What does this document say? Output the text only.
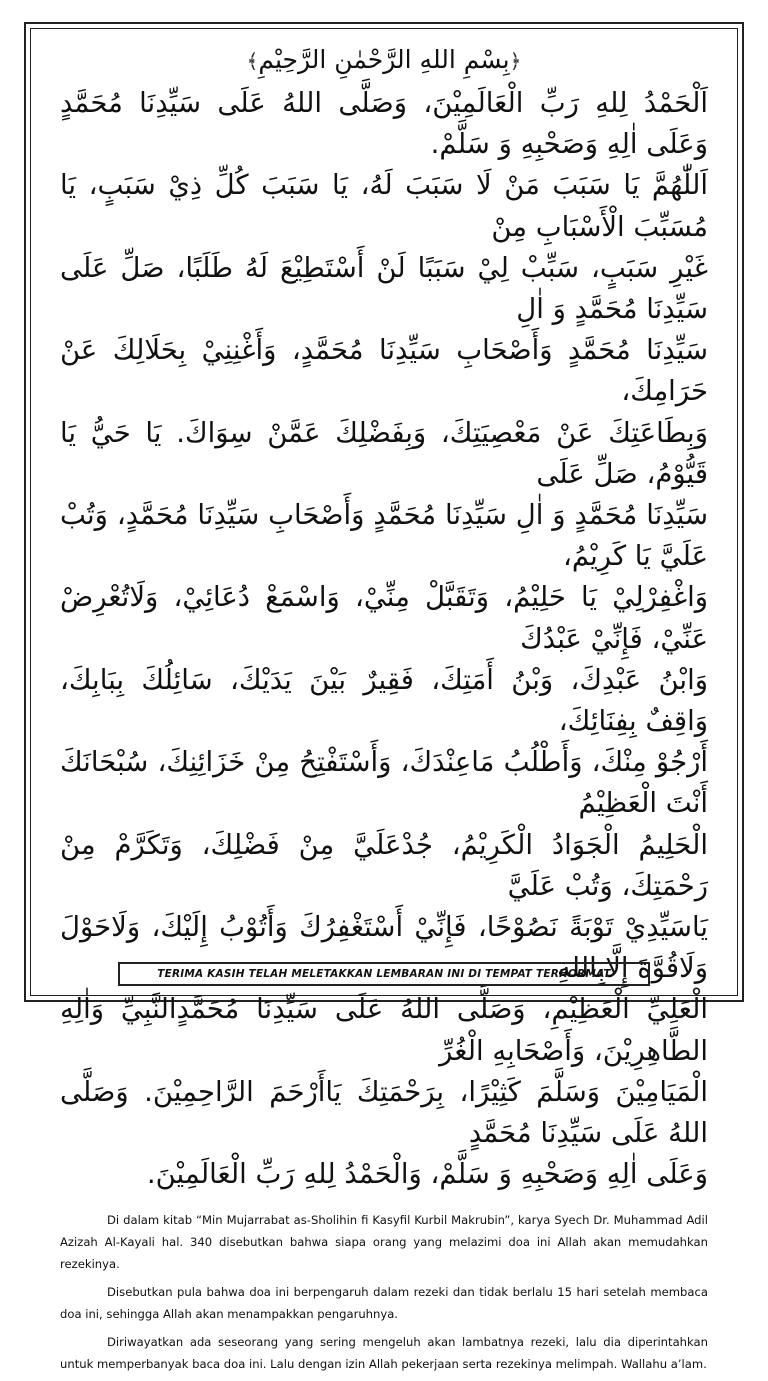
﴿بِسْمِ اللهِ الرَّحْمٰنِ الرَّحِيْمِ﴾
اَلْحَمْدُ لِلهِ رَبِّ الْعَالَمِيْنَ، وَصَلَّى اللهُ عَلَى سَيِّدِنَا مُحَمَّدٍ وَعَلَى اٰلِهِ وَصَحْبِهِ وَ سَلَّمْ.
اَللّٰهُمَّ يَا سَبَبَ مَنْ لَا سَبَبَ لَهُ، يَا سَبَبَ كُلِّ ذِيْ سَبَبٍ، يَا مُسَبِّبَ الْأَسْبَابِ مِنْ
غَيْرِ سَبَبٍ، سَبِّبْ لِيْ سَبَبًا لَنْ أَسْتَطِيْعَ لَهُ طَلَبًا، صَلِّ عَلَى سَيِّدِنَا مُحَمَّدٍ وَ اٰلِ
سَيِّدِنَا مُحَمَّدٍ وَأَصْحَابِ سَيِّدِنَا مُحَمَّدٍ، وَأَغْنِنِيْ بِحَلَالِكَ عَنْ حَرَامِكَ،
وَبِطَاعَتِكَ عَنْ مَعْصِيَتِكَ، وَبِفَضْلِكَ عَمَّنْ سِوَاكَ. يَا حَيُّ يَا قَيُّوْمُ، صَلِّ عَلَى
سَيِّدِنَا مُحَمَّدٍ وَ اٰلِ سَيِّدِنَا مُحَمَّدٍ وَأَصْحَابِ سَيِّدِنَا مُحَمَّدٍ، وَتُبْ عَلَيَّ يَا كَرِيْمُ،
وَاغْفِرْلِيْ يَا حَلِيْمُ، وَتَقَبَّلْ مِنِّيْ، وَاسْمَعْ دُعَائِيْ، وَلَاتُعْرِضْ عَنِّيْ، فَإِنِّيْ عَبْدُكَ
وَابْنُ عَبْدِكَ، وَبْنُ أَمَتِكَ، فَقِيرٌ بَيْنَ يَدَيْكَ، سَائِلُكَ بِبَابِكَ، وَاقِفٌ بِفِنَائِكَ،
أَرْجُوْ مِنْكَ، وَأَطْلُبُ مَاعِنْدَكَ، وَأَسْتَفْتِحُ مِنْ خَزَائِنِكَ، سُبْحَانَكَ أَنْتَ الْعَظِيْمُ
الْحَلِيمُ الْجَوَادُ الْكَرِيْمُ، جُدْعَلَيَّ مِنْ فَضْلِكَ، وَتَكَرَّمْ مِنْ رَحْمَتِكَ، وَتُبْ عَلَيَّ
يَاسَيِّدِيْ تَوْبَةً نَصُوْحًا، فَإِنِّيْ أَسْتَغْفِرُكَ وَأَتُوْبُ إِلَيْكَ، وَلَاحَوْلَ وَلَاقُوَّةَ إِلَّابِاللهِ
الْعَلِيِّ الْعَظِيْمِ، وَصَلَّى اللهُ عَلَى سَيِّدِنَا مُحَمَّدٍالنَّبِيِّ وَاٰلِهِ الطَّاهِرِيْنَ، وَأَصْحَابِهِ الْغُرِّ
الْمَيَامِيْنَ وَسَلَّمَ كَثِيْرًا، بِرَحْمَتِكَ يَاأَرْحَمَ الرَّاحِمِيْنَ. وَصَلَّى اللهُ عَلَى سَيِّدِنَا مُحَمَّدٍ
وَعَلَى اٰلِهِ وَصَحْبِهِ وَ سَلَّمْ، وَالْحَمْدُ لِلهِ رَبِّ الْعَالَمِيْنَ.

Di dalam kitab “Min Mujarrabat as-Sholihin fi Kasyfil Kurbil Makrubin”, karya Syech Dr. Muhammad Adil Azizah Al-Kayali hal. 340 disebutkan bahwa siapa orang yang melazimi doa ini Allah akan memudahkan rezekinya.

Disebutkan pula bahwa doa ini berpengaruh dalam rezeki dan tidak berlalu 15 hari setelah membaca doa ini, sehingga Allah akan menampakkan pengaruhnya.

Diriwayatkan ada seseorang yang sering mengeluh akan lambatnya rezeki, lalu dia diperintahkan untuk memperbanyak baca doa ini. Lalu dengan izin Allah pekerjaan serta rezekinya melimpah. Wallahu a’lam.

TERIMA KASIH TELAH MELETAKKAN LEMBARAN INI DI TEMPAT TERHORMAT
